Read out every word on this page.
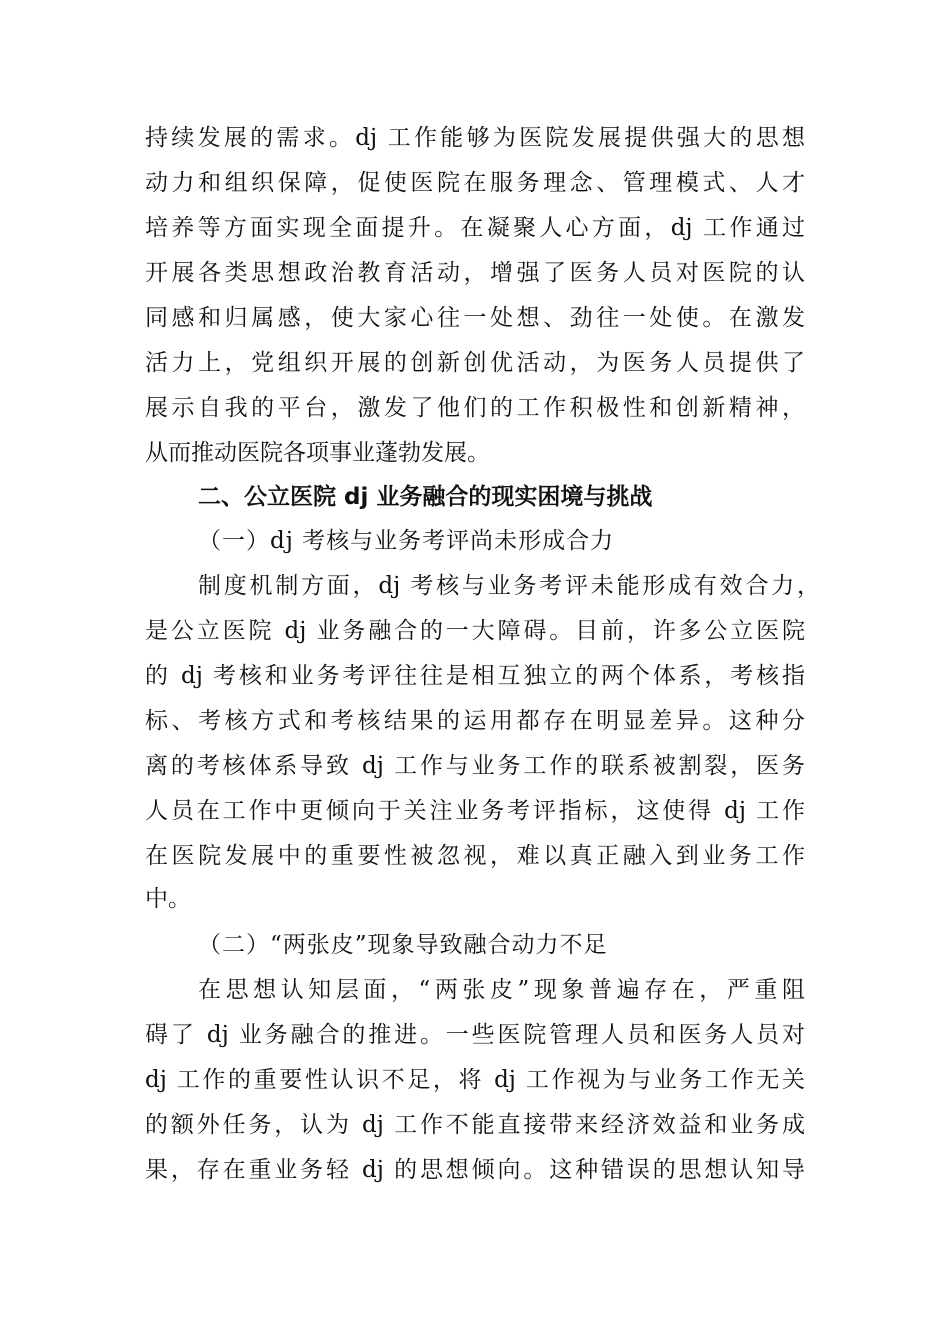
持续发展的需求。dj 工作能够为医院发展提供强大的思想
动力和组织保障，促使医院在服务理念、管理模式、人才
培养等方面实现全面提升。在凝聚人心方面，dj 工作通过
开展各类思想政治教育活动，增强了医务人员对医院的认
同感和归属感，使大家心往一处想、劲往一处使。在激发
活力上，党组织开展的创新创优活动，为医务人员提供了
展示自我的平台，激发了他们的工作积极性和创新精神，
从而推动医院各项事业蓬勃发展。
二、公立医院 dj 业务融合的现实困境与挑战
（一）dj 考核与业务考评尚未形成合力
制度机制方面，dj 考核与业务考评未能形成有效合力，
是公立医院 dj 业务融合的一大障碍。目前，许多公立医院
的 dj 考核和业务考评往往是相互独立的两个体系，考核指
标、考核方式和考核结果的运用都存在明显差异。这种分
离的考核体系导致 dj 工作与业务工作的联系被割裂，医务
人员在工作中更倾向于关注业务考评指标，这使得 dj 工作
在医院发展中的重要性被忽视，难以真正融入到业务工作
中。
（二）“两张皮”现象导致融合动力不足
在思想认知层面，“两张皮”现象普遍存在，严重阻
碍了 dj 业务融合的推进。一些医院管理人员和医务人员对
dj 工作的重要性认识不足，将 dj 工作视为与业务工作无关
的额外任务，认为 dj 工作不能直接带来经济效益和业务成
果，存在重业务轻 dj 的思想倾向。这种错误的思想认知导
